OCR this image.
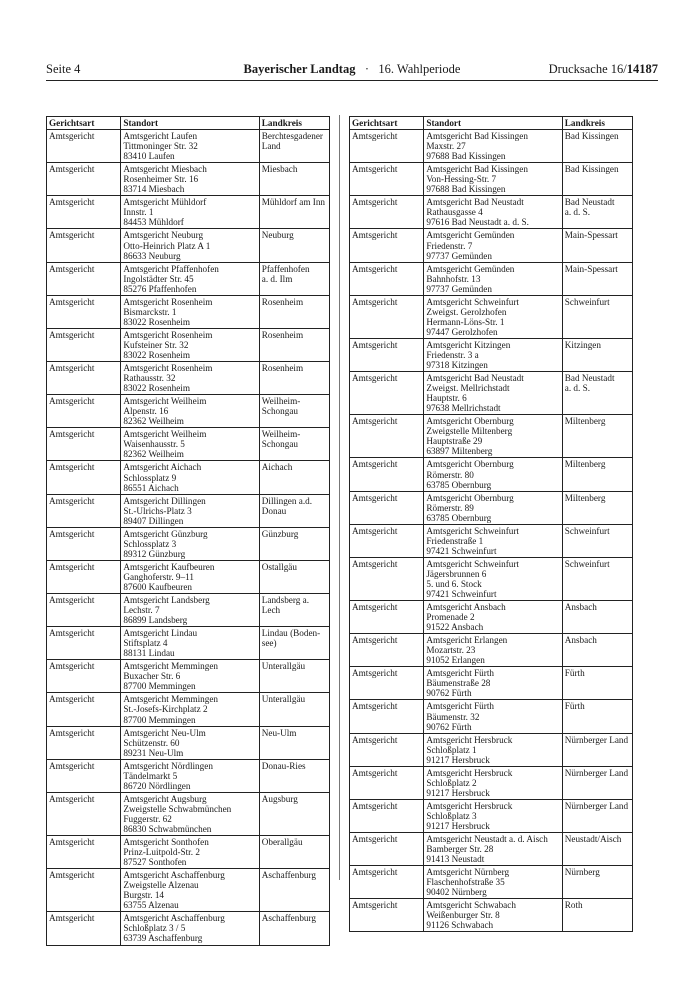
Seite 4	Bayerischer Landtag · 16. Wahlperiode	Drucksache 16/14187
Gerichtsart	Standort	Landkreis
Amtsgericht	Amtsgericht Laufen
Tittmoninger Str. 32
83410 Laufen	Berchtesgadener
Land

Amtsgericht	Amtsgericht Miesbach
Rosenheimer Str. 16
83714 Miesbach	Miesbach

Amtsgericht	Amtsgericht Mühldorf
Innstr. 1
84453 Mühldorf	Mühldorf am Inn

Amtsgericht	Amtsgericht Neuburg
Otto-Heinrich Platz A 1
86633 Neuburg	Neuburg

Amtsgericht	Amtsgericht Pfaffenhofen
Ingolstädter Str. 45
85276 Pfaffenhofen	Pfaffenhofen
a. d. Ilm

Amtsgericht	Amtsgericht Rosenheim
Bismarckstr. 1
83022 Rosenheim	Rosenheim

Amtsgericht	Amtsgericht Rosenheim
Kufsteiner Str. 32
83022 Rosenheim	Rosenheim

Amtsgericht	Amtsgericht Rosenheim
Rathausstr. 32
83022 Rosenheim	Rosenheim

Amtsgericht	Amtsgericht Weilheim
Alpenstr. 16
82362 Weilheim	Weilheim-
Schongau

Amtsgericht	Amtsgericht Weilheim
Waisenhausstr. 5
82362 Weilheim	Weilheim-
Schongau

Amtsgericht	Amtsgericht Aichach
Schlossplatz 9
86551 Aichach	Aichach

Amtsgericht	Amtsgericht Dillingen
St.-Ulrichs-Platz 3
89407 Dillingen	Dillingen a.d.
Donau

Amtsgericht	Amtsgericht Günzburg
Schlossplatz 3
89312 Günzburg	Günzburg

Amtsgericht	Amtsgericht Kaufbeuren
Ganghoferstr. 9–11
87600 Kaufbeuren	Ostallgäu

Amtsgericht	Amtsgericht Landsberg
Lechstr. 7
86899 Landsberg	Landsberg a.
Lech

Amtsgericht	Amtsgericht Lindau
Stiftsplatz 4
88131 Lindau	Lindau (Boden-
see)

Amtsgericht	Amtsgericht Memmingen
Buxacher Str. 6
87700 Memmingen	Unterallgäu

Amtsgericht	Amtsgericht Memmingen
St.-Josefs-Kirchplatz 2
87700 Memmingen	Unterallgäu

Amtsgericht	Amtsgericht Neu-Ulm
Schützenstr. 60
89231 Neu-Ulm	Neu-Ulm

Amtsgericht	Amtsgericht Nördlingen
Tändelmarkt 5
86720 Nördlingen	Donau-Ries

Amtsgericht	Amtsgericht Augsburg
Zweigstelle Schwabmünchen
Fuggerstr. 62
86830 Schwabmünchen	Augsburg

Amtsgericht	Amtsgericht Sonthofen
Prinz-Luitpold-Str. 2
87527 Sonthofen	Oberallgäu

Amtsgericht	Amtsgericht Aschaffenburg
Zweigstelle Alzenau
Burgstr. 14
63755 Alzenau	Aschaffenburg

Amtsgericht	Amtsgericht Aschaffenburg
Schloßplatz 3 / 5
63739 Aschaffenburg	Aschaffenburg
Gerichtsart	Standort	Landkreis
Amtsgericht	Amtsgericht Bad Kissingen
Maxstr. 27
97688 Bad Kissingen	Bad Kissingen

Amtsgericht	Amtsgericht Bad Kissingen
Von-Hessing-Str. 7
97688 Bad Kissingen	Bad Kissingen

Amtsgericht	Amtsgericht Bad Neustadt
Rathausgasse 4
97616 Bad Neustadt a. d. S.	Bad Neustadt
a. d. S.

Amtsgericht	Amtsgericht Gemünden
Friedenstr. 7
97737 Gemünden	Main-Spessart

Amtsgericht	Amtsgericht Gemünden
Bahnhofstr. 13
97737 Gemünden	Main-Spessart

Amtsgericht	Amtsgericht Schweinfurt
Zweigst. Gerolzhofen
Hermann-Löns-Str. 1
97447 Gerolzhofen	Schweinfurt

Amtsgericht	Amtsgericht Kitzingen
Friedenstr. 3 a
97318 Kitzingen	Kitzingen

Amtsgericht	Amtsgericht Bad Neustadt
Zweigst. Mellrichstadt
Hauptstr. 6
97638 Mellrichstadt	Bad Neustadt
a. d. S.

Amtsgericht	Amtsgericht Obernburg
Zweigstelle Miltenberg
Hauptstraße 29
63897 Miltenberg	Miltenberg

Amtsgericht	Amtsgericht Obernburg
Römerstr. 80
63785 Obernburg	Miltenberg

Amtsgericht	Amtsgericht Obernburg
Römerstr. 89
63785 Obernburg	Miltenberg

Amtsgericht	Amtsgericht Schweinfurt
Friedenstraße 1
97421 Schweinfurt	Schweinfurt

Amtsgericht	Amtsgericht Schweinfurt
Jägersbrunnen 6
5. und 6. Stock
97421 Schweinfurt	Schweinfurt

Amtsgericht	Amtsgericht Ansbach
Promenade 2
91522 Ansbach	Ansbach

Amtsgericht	Amtsgericht Erlangen
Mozartstr. 23
91052 Erlangen	Ansbach

Amtsgericht	Amtsgericht Fürth
Bäumenstraße 28
90762 Fürth	Fürth

Amtsgericht	Amtsgericht Fürth
Bäumenstr. 32
90762 Fürth	Fürth

Amtsgericht	Amtsgericht Hersbruck
Schloßplatz 1
91217 Hersbruck	Nürnberger Land

Amtsgericht	Amtsgericht Hersbruck
Schloßplatz 2
91217 Hersbruck	Nürnberger Land

Amtsgericht	Amtsgericht Hersbruck
Schloßplatz 3
91217 Hersbruck	Nürnberger Land

Amtsgericht	Amtsgericht Neustadt a. d. Aisch
Bamberger Str. 28
91413 Neustadt	Neustadt/Aisch

Amtsgericht	Amtsgericht Nürnberg
Flaschenhofstraße 35
90402 Nürnberg	Nürnberg

Amtsgericht	Amtsgericht Schwabach
Weißenburger Str. 8
91126 Schwabach	Roth
